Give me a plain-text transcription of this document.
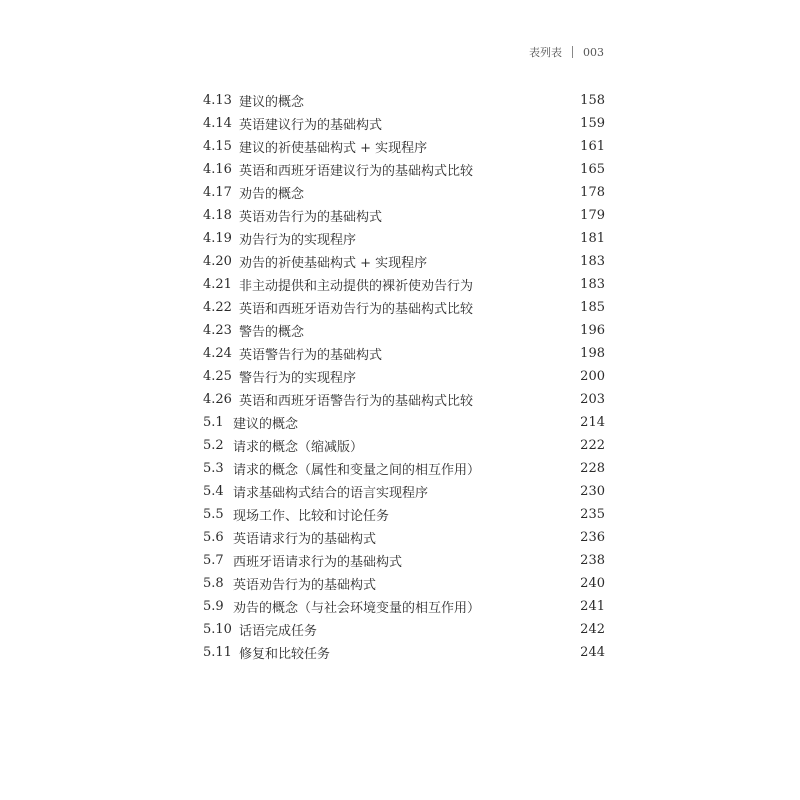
表列表 003
4.13 建议的概念	158
4.14 英语建议行为的基础构式	159
4.15 建议的祈使基础构式 + 实现程序	161
4.16 英语和西班牙语建议行为的基础构式比较	165
4.17 劝告的概念	178
4.18 英语劝告行为的基础构式	179
4.19 劝告行为的实现程序	181
4.20 劝告的祈使基础构式 + 实现程序	183
4.21 非主动提供和主动提供的裸祈使劝告行为	183
4.22 英语和西班牙语劝告行为的基础构式比较	185
4.23 警告的概念	196
4.24 英语警告行为的基础构式	198
4.25 警告行为的实现程序	200
4.26 英语和西班牙语警告行为的基础构式比较	203
5.1 建议的概念	214
5.2 请求的概念（缩减版）	222
5.3 请求的概念（属性和变量之间的相互作用）	228
5.4 请求基础构式结合的语言实现程序	230
5.5 现场工作、比较和讨论任务	235
5.6 英语请求行为的基础构式	236
5.7 西班牙语请求行为的基础构式	238
5.8 英语劝告行为的基础构式	240
5.9 劝告的概念（与社会环境变量的相互作用）	241
5.10 话语完成任务	242
5.11 修复和比较任务	244
